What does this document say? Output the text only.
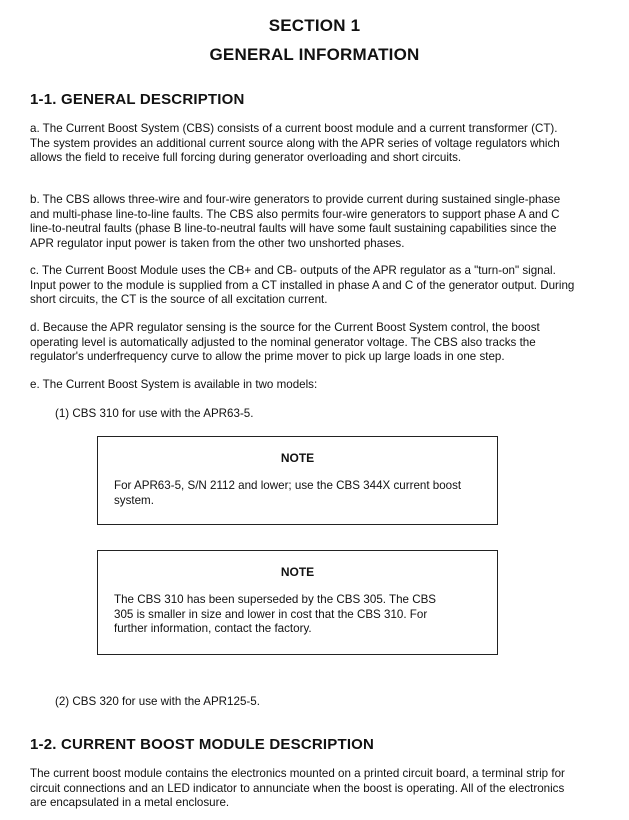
SECTION 1
GENERAL INFORMATION
1-1. GENERAL DESCRIPTION

a. The Current Boost System (CBS) consists of a current boost module and a current transformer (CT). The system provides an additional current source along with the APR series of voltage regulators which allows the field to receive full forcing during generator overloading and short circuits.

b. The CBS allows three-wire and four-wire generators to provide current during sustained single-phase and multi-phase line-to-line faults. The CBS also permits four-wire generators to support phase A and C line-to-neutral faults (phase B line-to-neutral faults will have some fault sustaining capabilities since the APR regulator input power is taken from the other two unshorted phases.

c. The Current Boost Module uses the CB+ and CB- outputs of the APR regulator as a "turn-on" signal. Input power to the module is supplied from a CT installed in phase A and C of the generator output. During short circuits, the CT is the source of all excitation current.

d. Because the APR regulator sensing is the source for the Current Boost System control, the boost operating level is automatically adjusted to the nominal generator voltage. The CBS also tracks the regulator's underfrequency curve to allow the prime mover to pick up large loads in one step.

e. The Current Boost System is available in two models:

(1) CBS 310 for use with the APR63-5.
NOTE
For APR63-5, S/N 2112 and lower; use the CBS 344X current boost system.
NOTE
The CBS 310 has been superseded by the CBS 305. The CBS 305 is smaller in size and lower in cost that the CBS 310. For further information, contact the factory.
(2) CBS 320 for use with the APR125-5.
1-2. CURRENT BOOST MODULE DESCRIPTION

The current boost module contains the electronics mounted on a printed circuit board, a terminal strip for circuit connections and an LED indicator to annunciate when the boost is operating. All of the electronics are encapsulated in a metal enclosure.
